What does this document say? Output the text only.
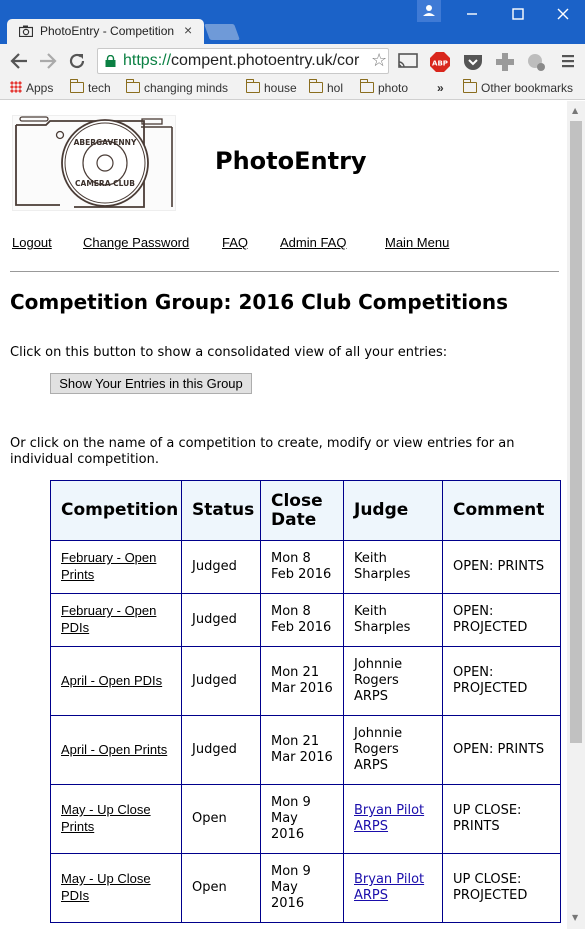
PhotoEntry - Competition ×
https://compent.photoentry.uk/cor ☆	ABP
Apps	tech	changing minds	house	hol	photo »	Other bookmarks
ABERGAVENNY
CAMERA CLUB
PhotoEntry
Logout Change Password	FAQ Admin FAQ	Main Menu
Competition Group: 2016 Club Competitions
Click on this button to show a consolidated view of all your entries:
Show Your Entries in this Group
Or click on the name of a competition to create, modify or view entries for an individual competition.
Competition	Status	Close Date	Judge	Comment
February - Open Prints	Judged	Mon 8 Feb 2016	Keith Sharples	OPEN: PRINTS
February - Open PDIs	Judged	Mon 8 Feb 2016	Keith Sharples	OPEN: PROJECTED
April - Open PDIs	Judged	Mon 21 Mar 2016	Johnnie Rogers ARPS	OPEN: PROJECTED
April - Open Prints	Judged	Mon 21 Mar 2016	Johnnie Rogers ARPS	OPEN: PRINTS
May - Up Close Prints	Open	Mon 9 May 2016	Bryan Pilot ARPS	UP CLOSE: PRINTS
May - Up Close PDIs	Open	Mon 9 May 2016	Bryan Pilot ARPS	UP CLOSE: PROJECTED
▲
▼
